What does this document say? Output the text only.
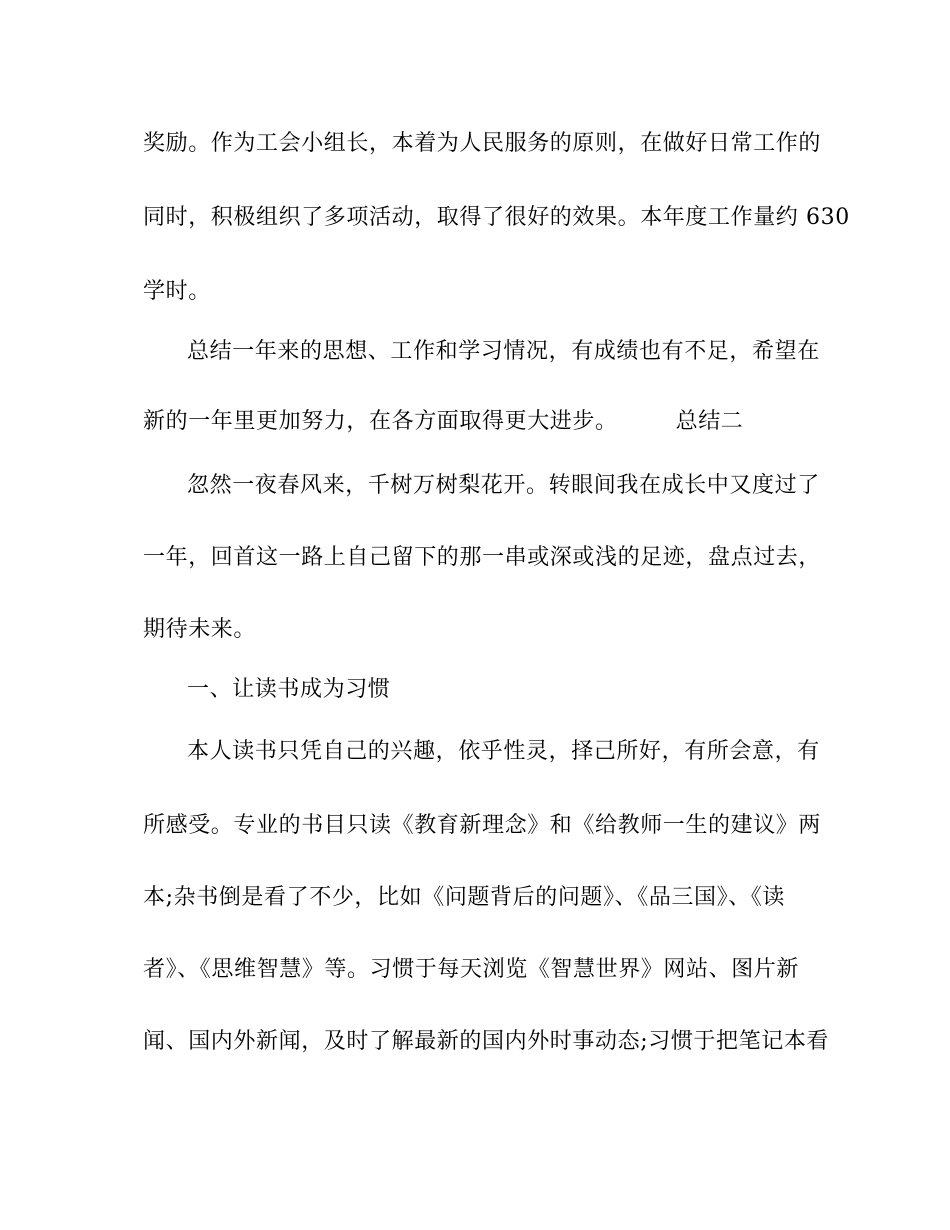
奖励。作为工会小组长，本着为人民服务的原则，在做好日常工作的
同时，积极组织了多项活动，取得了很好的效果。本年度工作量约 630
学时。
总结一年来的思想、工作和学习情况，有成绩也有不足，希望在
新的一年里更加努力，在各方面取得更大进步。	总结二
忽然一夜春风来，千树万树梨花开。转眼间我在成长中又度过了
一年，回首这一路上自己留下的那一串或深或浅的足迹，盘点过去，
期待未来。
一、让读书成为习惯
本人读书只凭自己的兴趣，依乎性灵，择己所好，有所会意，有
所感受。专业的书目只读《教育新理念》和《给教师一生的建议》两
本;杂书倒是看了不少，比如《问题背后的问题》、《品三国》、《读
者》、《思维智慧》等。习惯于每天浏览《智慧世界》网站、图片新
闻、国内外新闻，及时了解最新的国内外时事动态;习惯于把笔记本看
